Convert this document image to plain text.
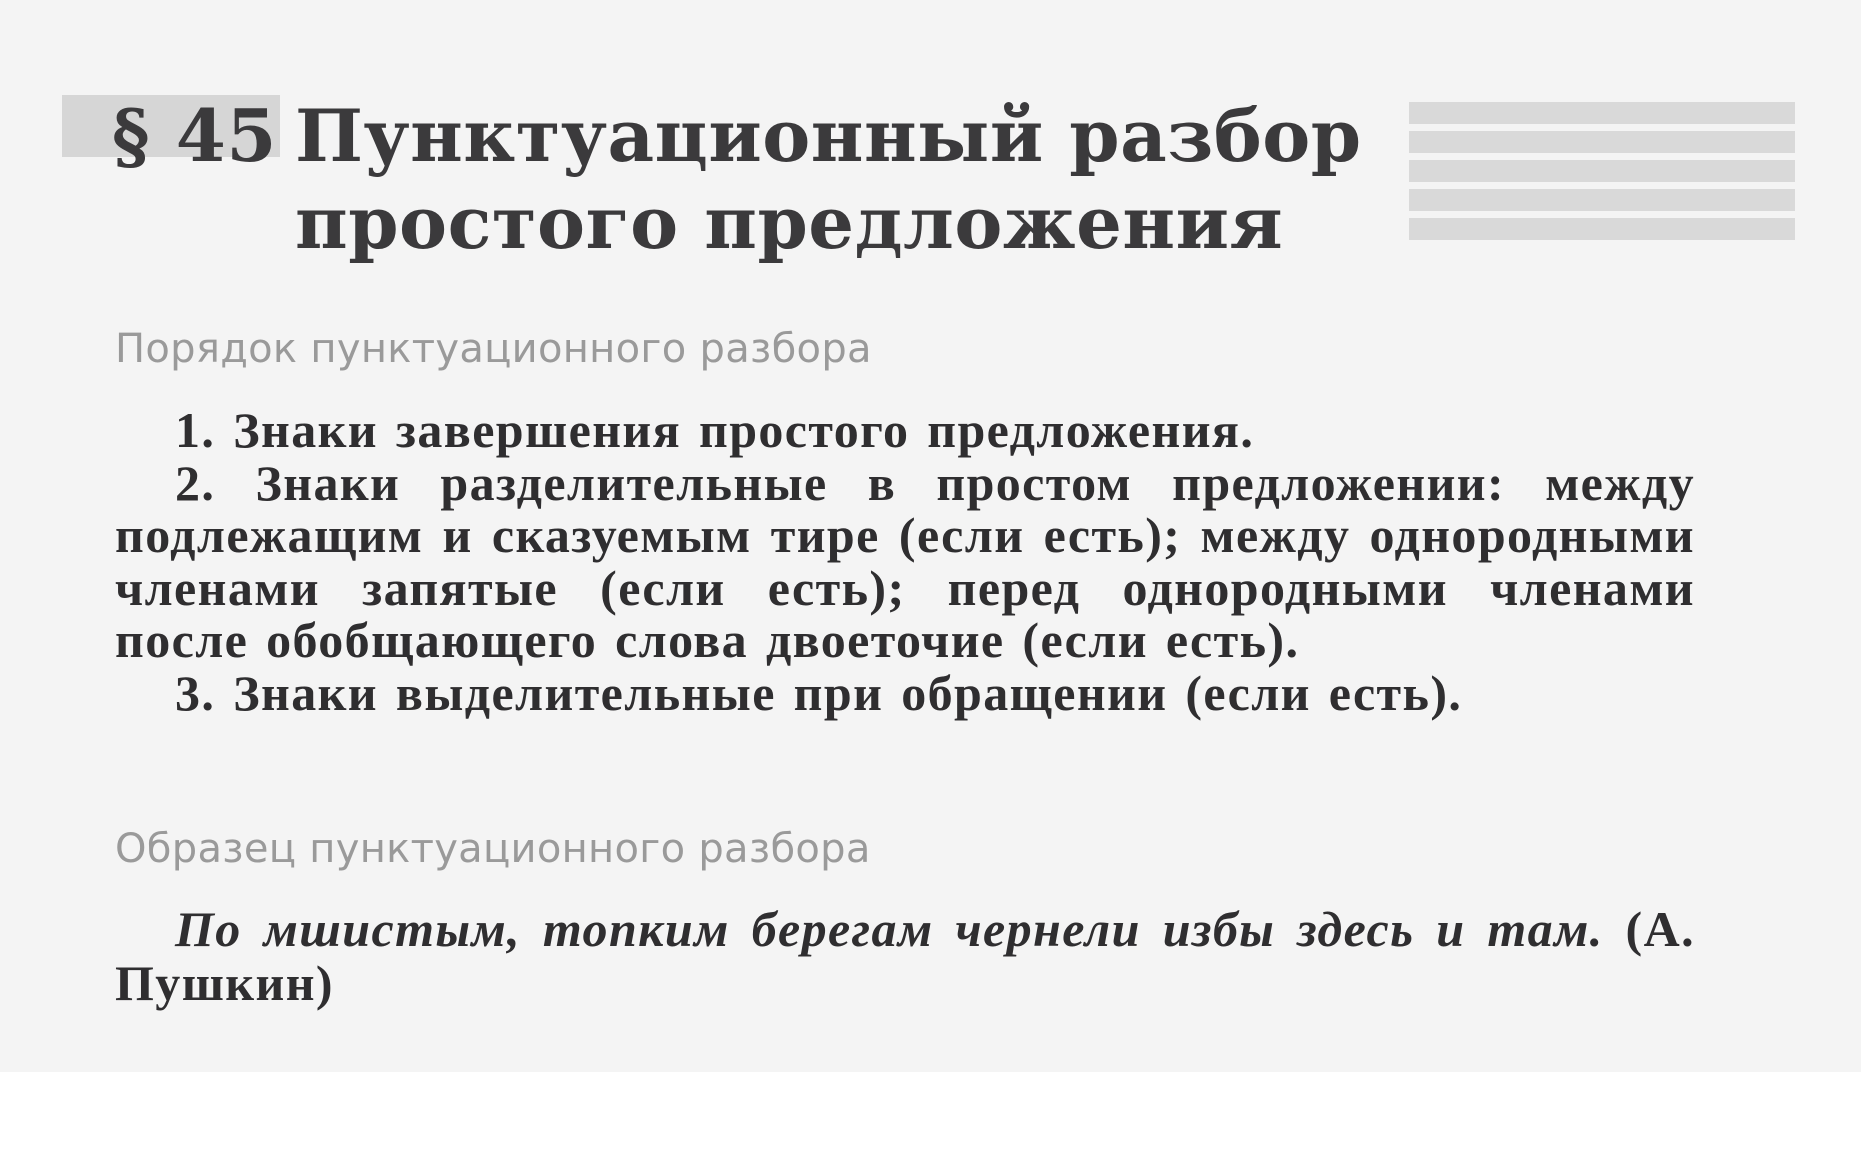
§ 45 Пунктуационный разбор
простого предложения
Порядок пунктуационного разбора

1. Знаки завершения простого предложения.

2. Знаки разделительные в простом предложении: между подлежащим и сказуемым тире (если есть); между однородными членами запятые (если есть); перед однородными членами после обобщающего слова двоеточие (если есть).

3. Знаки выделительные при обращении (если есть).

Образец пунктуационного разбора
По мшистым, топким берегам чернели избы здесь и там. (А. Пушкин)
